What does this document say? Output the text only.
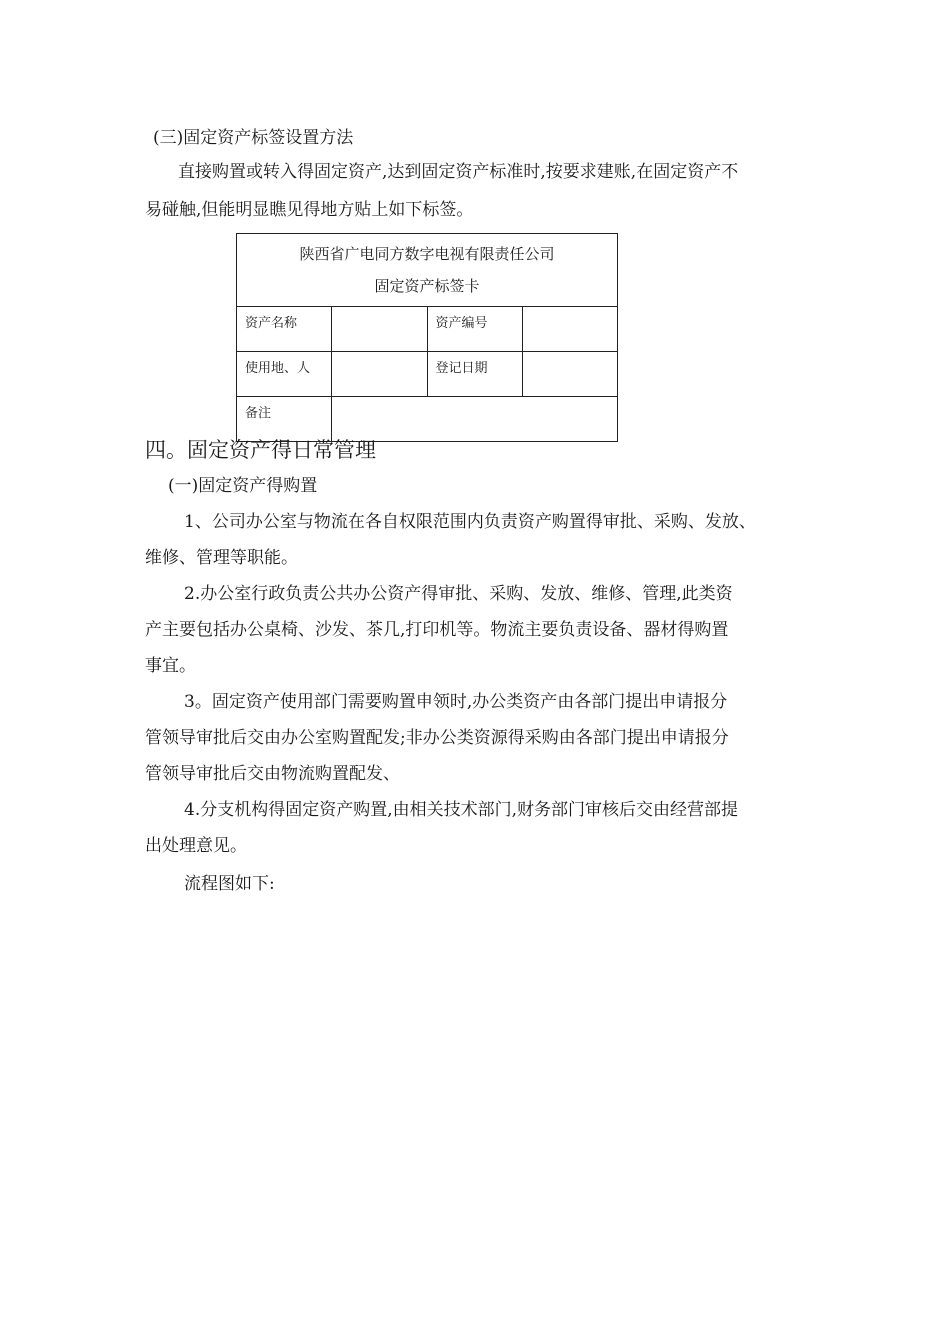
(三)固定资产标签设置方法
直接购置或转入得固定资产,达到固定资产标准时,按要求建账,在固定资产不
易碰触,但能明显瞧见得地方贴上如下标签。
陕西省广电同方数字电视有限责任公司
固定资产标签卡			

资产名称		资产编号	
使用地、人		登记日期	
备注			
四。固定资产得日常管理
(一)固定资产得购置
1、公司办公室与物流在各自权限范围内负责资产购置得审批、采购、发放、
维修、管理等职能。
2.办公室行政负责公共办公资产得审批、采购、发放、维修、管理,此类资
产主要包括办公桌椅、沙发、茶几,打印机等。物流主要负责设备、器材得购置
事宜。
3。固定资产使用部门需要购置申领时,办公类资产由各部门提出申请报分
管领导审批后交由办公室购置配发;非办公类资源得采购由各部门提出申请报分
管领导审批后交由物流购置配发、
4.分支机构得固定资产购置,由相关技术部门,财务部门审核后交由经营部提
出处理意见。
流程图如下:
